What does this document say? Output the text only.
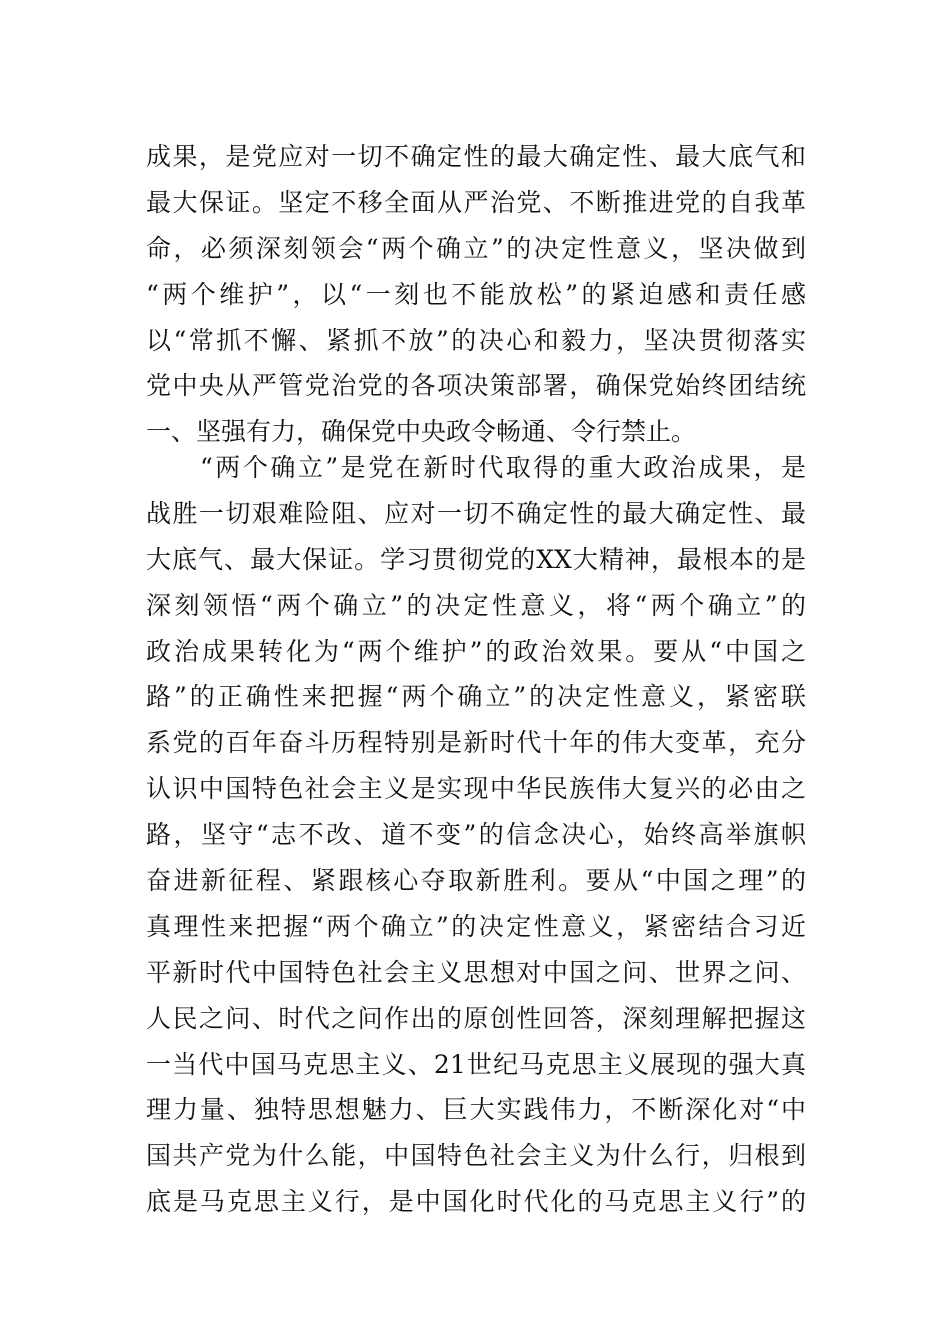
成果，是党应对一切不确定性的最大确定性、最大底气和
最大保证。坚定不移全面从严治党、不断推进党的自我革
命，必须深刻领会“两个确立”的决定性意义，坚决做到
“两个维护”，以“一刻也不能放松”的紧迫感和责任感
以“常抓不懈、紧抓不放”的决心和毅力，坚决贯彻落实
党中央从严管党治党的各项决策部署，确保党始终团结统
一、坚强有力，确保党中央政令畅通、令行禁止。
“两个确立”是党在新时代取得的重大政治成果，是
战胜一切艰难险阻、应对一切不确定性的最大确定性、最
大底气、最大保证。学习贯彻党的XX大精神，最根本的是
深刻领悟“两个确立”的决定性意义，将“两个确立”的
政治成果转化为“两个维护”的政治效果。要从“中国之
路”的正确性来把握“两个确立”的决定性意义，紧密联
系党的百年奋斗历程特别是新时代十年的伟大变革，充分
认识中国特色社会主义是实现中华民族伟大复兴的必由之
路，坚守“志不改、道不变”的信念决心，始终高举旗帜
奋进新征程、紧跟核心夺取新胜利。要从“中国之理”的
真理性来把握“两个确立”的决定性意义，紧密结合习近
平新时代中国特色社会主义思想对中国之问、世界之问、
人民之问、时代之问作出的原创性回答，深刻理解把握这
一当代中国马克思主义、21世纪马克思主义展现的强大真
理力量、独特思想魅力、巨大实践伟力，不断深化对“中
国共产党为什么能，中国特色社会主义为什么行，归根到
底是马克思主义行，是中国化时代化的马克思主义行”的
